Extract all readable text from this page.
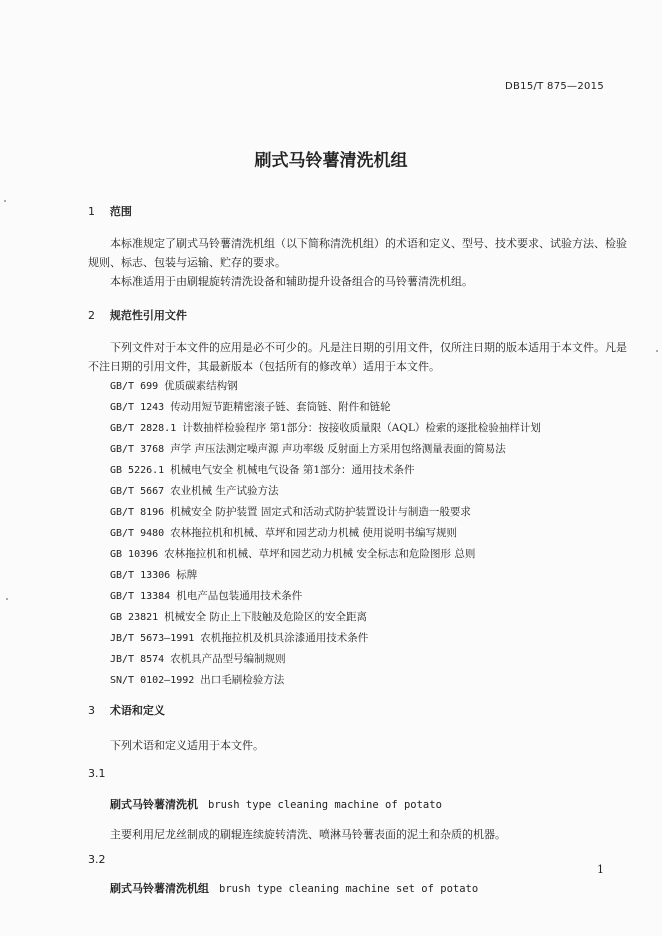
DB15/T 875—2015
刷式马铃薯清洗机组
1 范围
本标准规定了刷式马铃薯清洗机组（以下简称清洗机组）的术语和定义、型号、技术要求、试验方法、检验规则、标志、包装与运输、贮存的要求。
本标准适用于由刷辊旋转清洗设备和辅助提升设备组合的马铃薯清洗机组。
2 规范性引用文件
下列文件对于本文件的应用是必不可少的。凡是注日期的引用文件，仅所注日期的版本适用于本文件。凡是不注日期的引用文件，其最新版本（包括所有的修改单）适用于本文件。
GB/T 699 优质碳素结构钢
GB/T 1243 传动用短节距精密滚子链、套筒链、附件和链轮
GB/T 2828.1 计数抽样检验程序 第1部分：按接收质量限（AQL）检索的逐批检验抽样计划
GB/T 3768 声学 声压法测定噪声源 声功率级 反射面上方采用包络测量表面的简易法
GB 5226.1 机械电气安全 机械电气设备 第1部分：通用技术条件
GB/T 5667 农业机械 生产试验方法
GB/T 8196 机械安全 防护装置 固定式和活动式防护装置设计与制造一般要求
GB/T 9480 农林拖拉机和机械、草坪和园艺动力机械 使用说明书编写规则
GB 10396 农林拖拉机和机械、草坪和园艺动力机械 安全标志和危险图形 总则
GB/T 13306 标牌
GB/T 13384 机电产品包装通用技术条件
GB 23821 机械安全 防止上下肢触及危险区的安全距离
JB/T 5673—1991 农机拖拉机及机具涂漆通用技术条件
JB/T 8574 农机具产品型号编制规则
SN/T 0102—1992 出口毛刷检验方法
3 术语和定义
下列术语和定义适用于本文件。
3.1
刷式马铃薯清洗机 brush type cleaning machine of potato
主要利用尼龙丝制成的刷辊连续旋转清洗、喷淋马铃薯表面的泥土和杂质的机器。
3.2
刷式马铃薯清洗机组 brush type cleaning machine set of potato
1
